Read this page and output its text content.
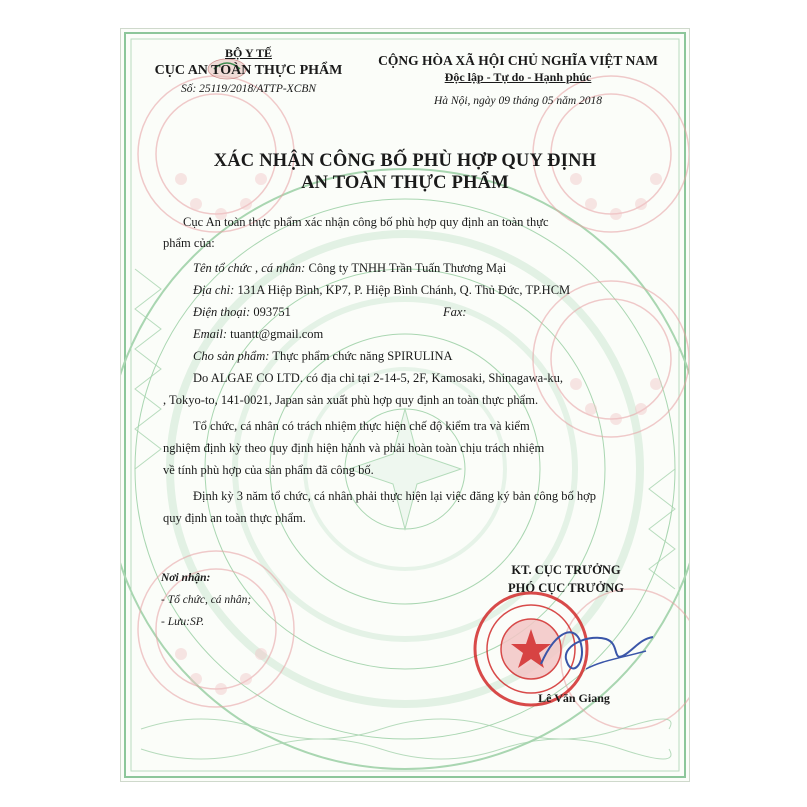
BỘ Y TẾ
CỤC AN TOÀN THỰC PHẨM
Số: 25119/2018/ATTP-XCBN
CỘNG HÒA XÃ HỘI CHỦ NGHĨA VIỆT NAM
Độc lập - Tự do - Hạnh phúc
Hà Nội, ngày 09 tháng 05 năm 2018
XÁC NHẬN CÔNG BỐ PHÙ HỢP QUY ĐỊNH
AN TOÀN THỰC PHẨM
Cục An toàn thực phẩm xác nhận công bố phù hợp quy định an toàn thực
phẩm của:
Tên tổ chức , cá nhân: Công ty TNHH Trần Tuấn Thương Mại
Địa chỉ: 131A Hiệp Bình, KP7, P. Hiệp Bình Chánh, Q. Thủ Đức, TP.HCM
Điện thoại: 093751	Fax:
Email: tuantt@gmail.com
Cho sản phẩm: Thực phẩm chức năng SPIRULINA
Do ALGAE CO LTD. có địa chỉ tại 2-14-5, 2F, Kamosaki, Shinagawa-ku,
, Tokyo-to, 141-0021, Japan sản xuất phù hợp quy định an toàn thực phẩm.
Tổ chức, cá nhân có trách nhiệm thực hiện chế độ kiểm tra và kiểm
nghiệm định kỳ theo quy định hiện hành và phải hoàn toàn chịu trách nhiệm
về tính phù hợp của sản phẩm đã công bố.
Định kỳ 3 năm tổ chức, cá nhân phải thực hiện lại việc đăng ký bản công bố hợp
quy định an toàn thực phẩm.
Nơi nhận:
- Tổ chức, cá nhân;
- Lưu:SP.
KT. CỤC TRƯỞNG
PHÓ CỤC TRƯỞNG
Lê Văn Giang
